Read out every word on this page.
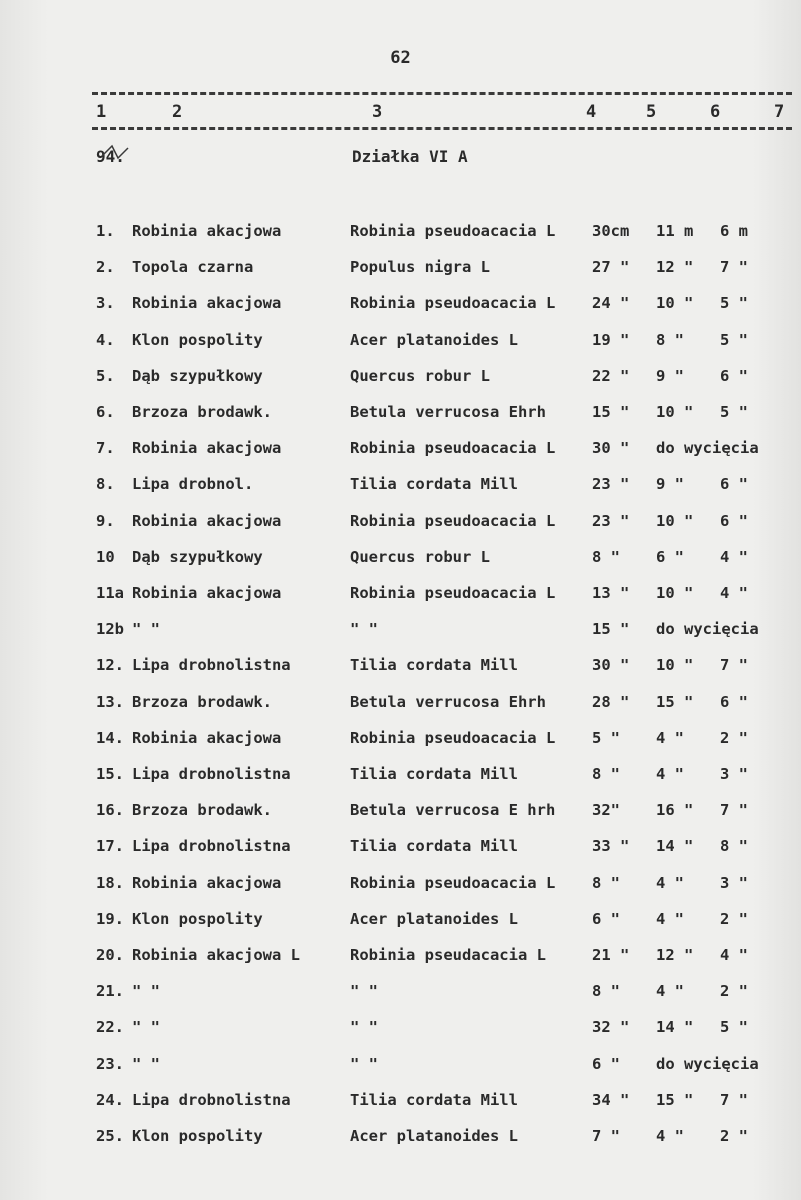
62
1	2	3	4	5	6	7
94.	Działka VI A
1. Robinia akacjowa	Robinia pseudoacacia L 30cm 11 m 6 m
2. Topola czarna	Populus nigra L	27 " 12 " 7 "
3. Robinia akacjowa	Robinia pseudoacacia L 24 " 10 " 5 "
4. Klon pospolity	Acer platanoides L	19 " 8 " 5 "
5. Dąb szypułkowy	Quercus robur L	22 " 9 " 6 "
6. Brzoza brodawk.	Betula verrucosa Ehrh	15 " 10 " 5 "
7. Robinia akacjowa	Robinia pseudoacacia L 30 " do wycięcia
8. Lipa drobnol.	Tilia cordata Mill	23 " 9 " 6 "
9. Robinia akacjowa	Robinia pseudoacacia L 23 " 10 " 6 "
10 Dąb szypułkowy	Quercus robur L	8 " 6 " 4 "
11a Robinia akacjowa	Robinia pseudoacacia L 13 " 10 " 4 "
12b " "	" "	15 " do wycięcia
12. Lipa drobnolistna	Tilia cordata Mill	30 " 10 " 7 "
13. Brzoza brodawk.	Betula verrucosa Ehrh	28 " 15 " 6 "
14. Robinia akacjowa	Robinia pseudoacacia L 5 " 4 " 2 "
15. Lipa drobnolistna	Tilia cordata Mill	8 " 4 " 3 "
16. Brzoza brodawk.	Betula verrucosa E hrh 32" 16 " 7 "
17. Lipa drobnolistna	Tilia cordata Mill	33 " 14 " 8 "
18. Robinia akacjowa	Robinia pseudoacacia L 8 " 4 " 3 "
19. Klon pospolity	Acer platanoides L	6 " 4 " 2 "
20. Robinia akacjowa L	Robinia pseudacacia L	21 " 12 " 4 "
21. " "	" "	8 " 4 " 2 "
22. " "	" "	32 " 14 " 5 "
23. " "	" "	6 " do wycięcia
24. Lipa drobnolistna	Tilia cordata Mill	34 " 15 " 7 "
25. Klon pospolity	Acer platanoides L	7 " 4 " 2 "
